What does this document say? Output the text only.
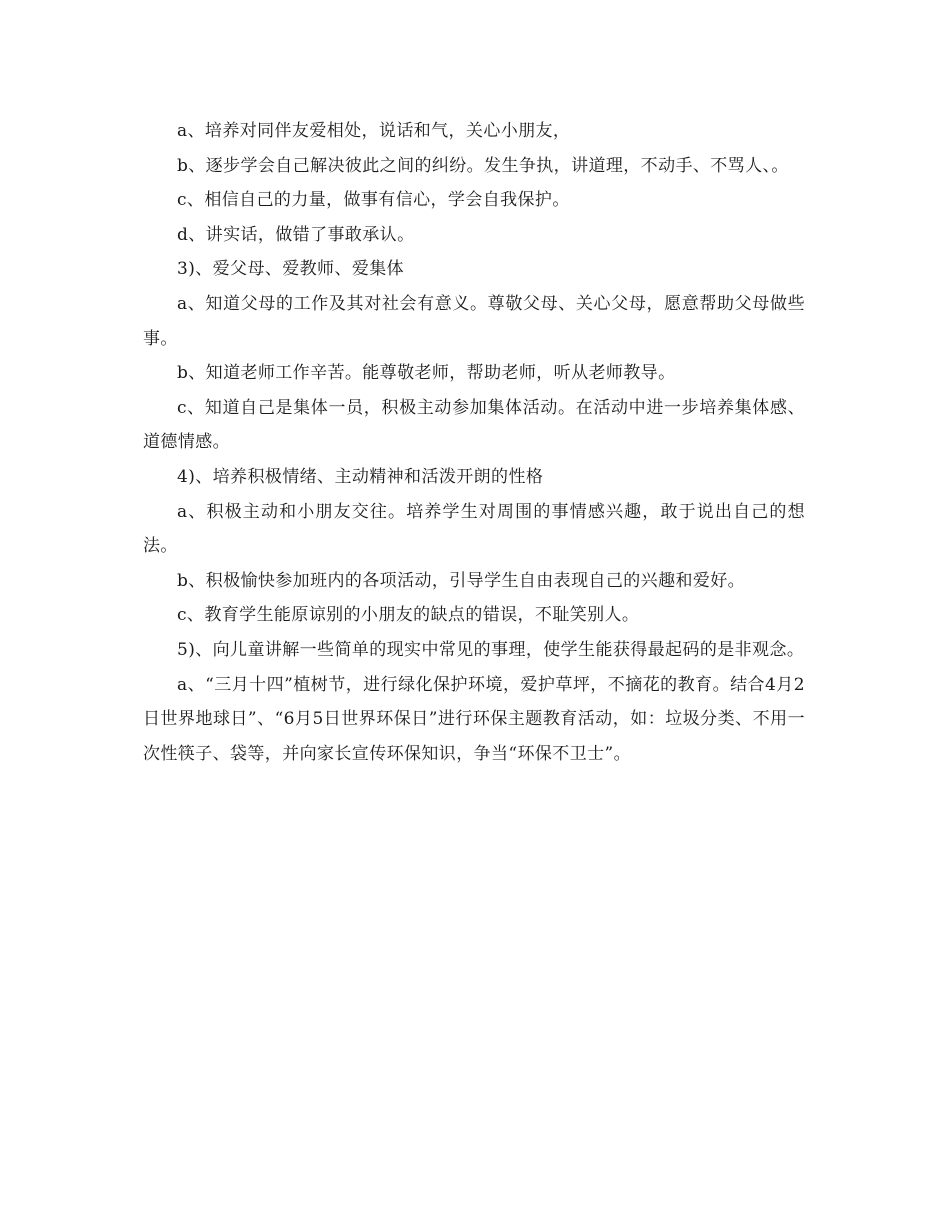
a、培养对同伴友爱相处，说话和气，关心小朋友，

b、逐步学会自己解决彼此之间的纠纷。发生争执，讲道理，不动手、不骂人、。

c、相信自己的力量，做事有信心，学会自我保护。

d、讲实话，做错了事敢承认。

3)、爱父母、爱教师、爱集体

a、知道父母的工作及其对社会有意义。尊敬父母、关心父母，愿意帮助父母做些事。

b、知道老师工作辛苦。能尊敬老师，帮助老师，听从老师教导。

c、知道自己是集体一员，积极主动参加集体活动。在活动中进一步培养集体感、道德情感。

4)、培养积极情绪、主动精神和活泼开朗的性格

a、积极主动和小朋友交往。培养学生对周围的事情感兴趣，敢于说出自己的想法。

b、积极愉快参加班内的各项活动，引导学生自由表现自己的兴趣和爱好。

c、教育学生能原谅别的小朋友的缺点的错误，不耻笑别人。

5)、向儿童讲解一些简单的现实中常见的事理，使学生能获得最起码的是非观念。

a、“三月十四”植树节，进行绿化保护环境，爱护草坪，不摘花的教育。结合4月2日世界地球日”、“6月5日世界环保日”进行环保主题教育活动，如：垃圾分类、不用一次性筷子、袋等，并向家长宣传环保知识，争当“环保不卫士”。
